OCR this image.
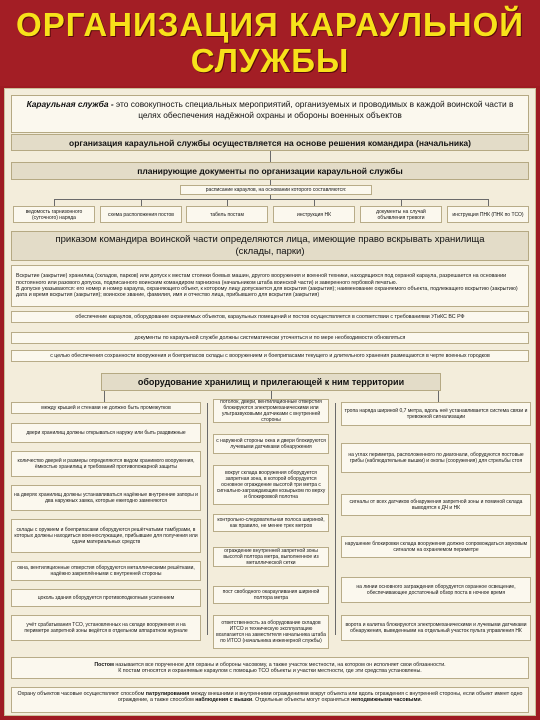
ОРГАНИЗАЦИЯ КАРАУЛЬНОЙ
СЛУЖБЫ
Караульная служба - это совокупность специальных мероприятий, организуемых и проводимых в каждой воинской части в целях обеспечения надёжной охраны и обороны военных объектов
организация караульной службы осуществляется на основе решения командира (начальника)
планирующие документы по организации караульной службы
расписание караулов, на основании которого составляются:
ведомость гарнизонного (суточного) наряда	схема расположения постов	табель постам	инструкция НК	документы на случай объявления тревоги	инструкция ПНК (ПНК по ТСО)
приказом командира воинской части определяются лица, имеющие право вскрывать хранилища
(склады, парки)
Вскрытие (закрытие) хранилищ (складов, парков) или допуск к местам стоянки боевых машин, другого вооружения и военной техники, находящихся под охраной караула, разрешается на основании постоянного или разового допуска, подписанного воинским командиром гарнизона (начальником штаба воинской части) и заверенного гербовой печатью.
В допуске указываются: его номер и номер караула, охраняющего объект, к которому лицу допускается для вскрытия (закрытия); наименование охраняемого объекта, подлежащего вскрытию (закрытию) дата и время вскрытия (закрытия); воинское звание, фамилия, имя и отчество лица, прибывшего для вскрытия (закрытия)
обеспечение караулов, оборудование охраняемых объектов, караульных помещений и постов осуществляется в соответствии с требованиями УГиКС ВС РФ
документы по караульной службе должны систематически уточняться и по мере необходимости обновляться
с целью обеспечения сохранности вооружения и боеприпасов склады с вооружением и боеприпасами текущего и длительного хранения размещаются в черте военных городков
оборудование хранилищ и прилегающей к ним территории
между крышей и стенами не должно быть промежутков
двери хранилищ должны открываться наружу или быть раздвижные
количество дверей и размеры определяются видом хранимого вооружения, ёмкостью хранилищ и требований противопожарной защиты
на дверях хранилищ должны устанавливаться надёжные внутренние запоры и два наружных замка, которые ежегодно заменяются
склады с оружием и боеприпасами оборудуются решётчатыми тамбурами, в которых должны находиться военнослужащие, прибывшие для получения или сдачи материальных средств
окна, вентиляционные отверстия оборудуются металлическими решётками, надёжно закреплёнными с внутренней стороны
цоколь здания оборудуется противоподкопным усилением
учёт срабатывания ТСО, установленных на складе вооружения и на периметре запретной зоны ведётся в отдельном аппаратном журнале
потолок, двери, вентиляционные отверстия блокируются электромеханическими или ультразвуковыми датчиками с внутренней стороны
с наружной стороны окна и двери блокируются лучевыми датчиками обнаружения
вокруг склада вооружения оборудуется запретная зона, в которой оборудуется основное ограждение высотой три метра с сигнально-заграждающим козырьком по верху и блокировкой полотна
контрольно-следовательная полоса шириной, как правило, не менее трех метров
ограждение внутренней запретной зоны высотой полтора метра, выполненное из металлической сетки
пост свободного окарауливания шириной полтора метра
ответственность за оборудование складов ИТСО и техническую эксплуатацию возлагается на заместителя начальника штаба по ИТСО (начальника инженерной службы)
тропа наряда шириной 0,7 метра, вдоль неё устанавливается система связи и тревожной сигнализации
на углах периметра, расположенного по диагонали, оборудуются постовые грибы (наблюдательные вышки) и окопы (сооружения) для стрельбы стоя
сигналы от всех датчиков обнаружения запретной зоны и поминой склада выводятся к ДЧ и НК
нарушение блокировки склада вооружения должно сопровождаться звуковым сигналом на охраняемом периметре
на линии основного заграждения оборудуется охранное освещение, обеспечивающее достаточный обзор поста в ночное время
ворота и калитка блокируются электромеханическими и лучевыми датчиками обнаружения, выведенными на отдельный участок пульта управления НК
Постом называется все порученное для охраны и обороны часовому, а также участок местности, на котором он исполняет свои обязанности.
К постам относятся и охраняемые караулом с помощью ТСО объекты и участки местности, где эти средства установлены.
Охрану объектов часовые осуществляют способом патрулирования между внешними и внутренними ограждениями вокруг объекта или вдоль ограждения с внутренней стороны, если объект имеет одно ограждение, а также способом наблюдения с вышки. Отдельные объекты могут охраняться неподвижными часовыми.
